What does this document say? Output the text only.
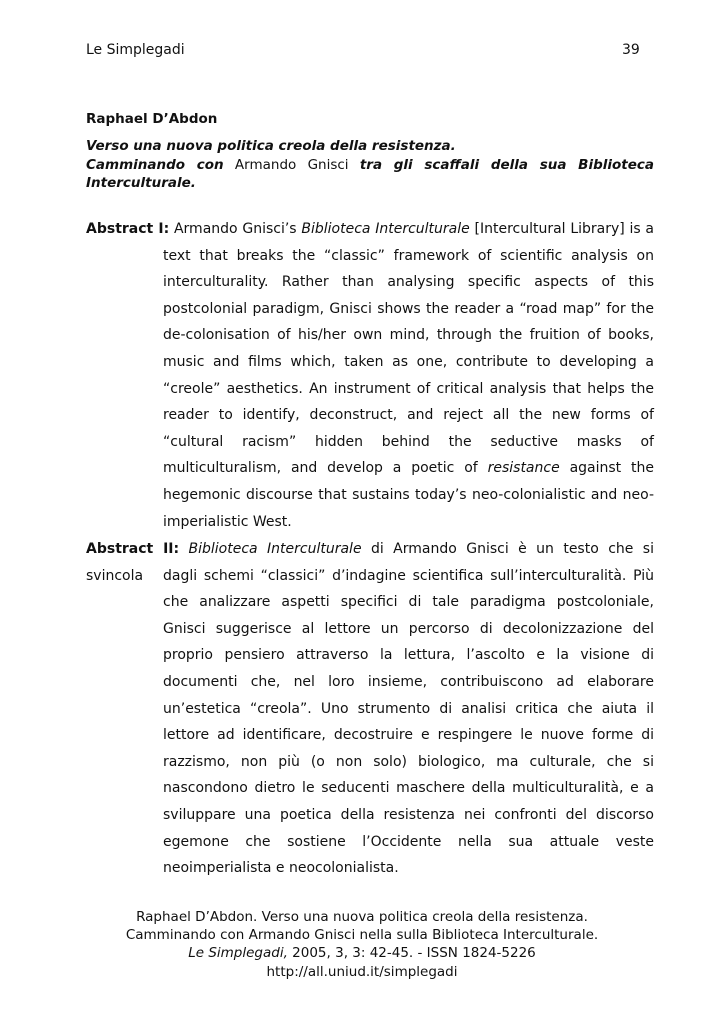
Le Simplegadi	39
Raphael D’Abdon
Verso una nuova politica creola della resistenza.
Camminando con Armando Gnisci tra gli scaffali della sua Biblioteca
Interculturale.
Abstract I: Armando Gnisci’s Biblioteca Interculturale [Intercultural Library] is a
text that breaks the “classic” framework of scientific analysis on
interculturality. Rather than analysing specific aspects of this
postcolonial paradigm, Gnisci shows the reader a “road map” for the
de-colonisation of his/her own mind, through the fruition of books,
music and films which, taken as one, contribute to developing a
“creole” aesthetics. An instrument of critical analysis that helps the
reader to identify, deconstruct, and reject all the new forms of
“cultural racism” hidden behind the seductive masks of
multiculturalism, and develop a poetic of resistance against the
hegemonic discourse that sustains today’s neo-colonialistic and neo-
imperialistic West.
Abstract II: Biblioteca Interculturale di Armando Gnisci è un testo che si svincola	dagli schemi “classici” d’indagine scientifica sull’interculturalità. Più
che analizzare aspetti specifici di tale paradigma postcoloniale,
Gnisci suggerisce al lettore un percorso di decolonizzazione del
proprio pensiero attraverso la lettura, l’ascolto e la visione di
documenti che, nel loro insieme, contribuiscono ad elaborare
un’estetica “creola”. Uno strumento di analisi critica che aiuta il
lettore ad identificare, decostruire e respingere le nuove forme di
razzismo, non più (o non solo) biologico, ma culturale, che si
nascondono dietro le seducenti maschere della multiculturalità, e a
sviluppare una poetica della resistenza nei confronti del discorso
egemone che sostiene l’Occidente nella sua attuale veste
neoimperialista e neocolonialista.
Raphael D’Abdon. Verso una nuova politica creola della resistenza.
Camminando con Armando Gnisci nella sulla Biblioteca Interculturale.
Le Simplegadi, 2005, 3, 3: 42-45. - ISSN 1824-5226
http://all.uniud.it/simplegadi
